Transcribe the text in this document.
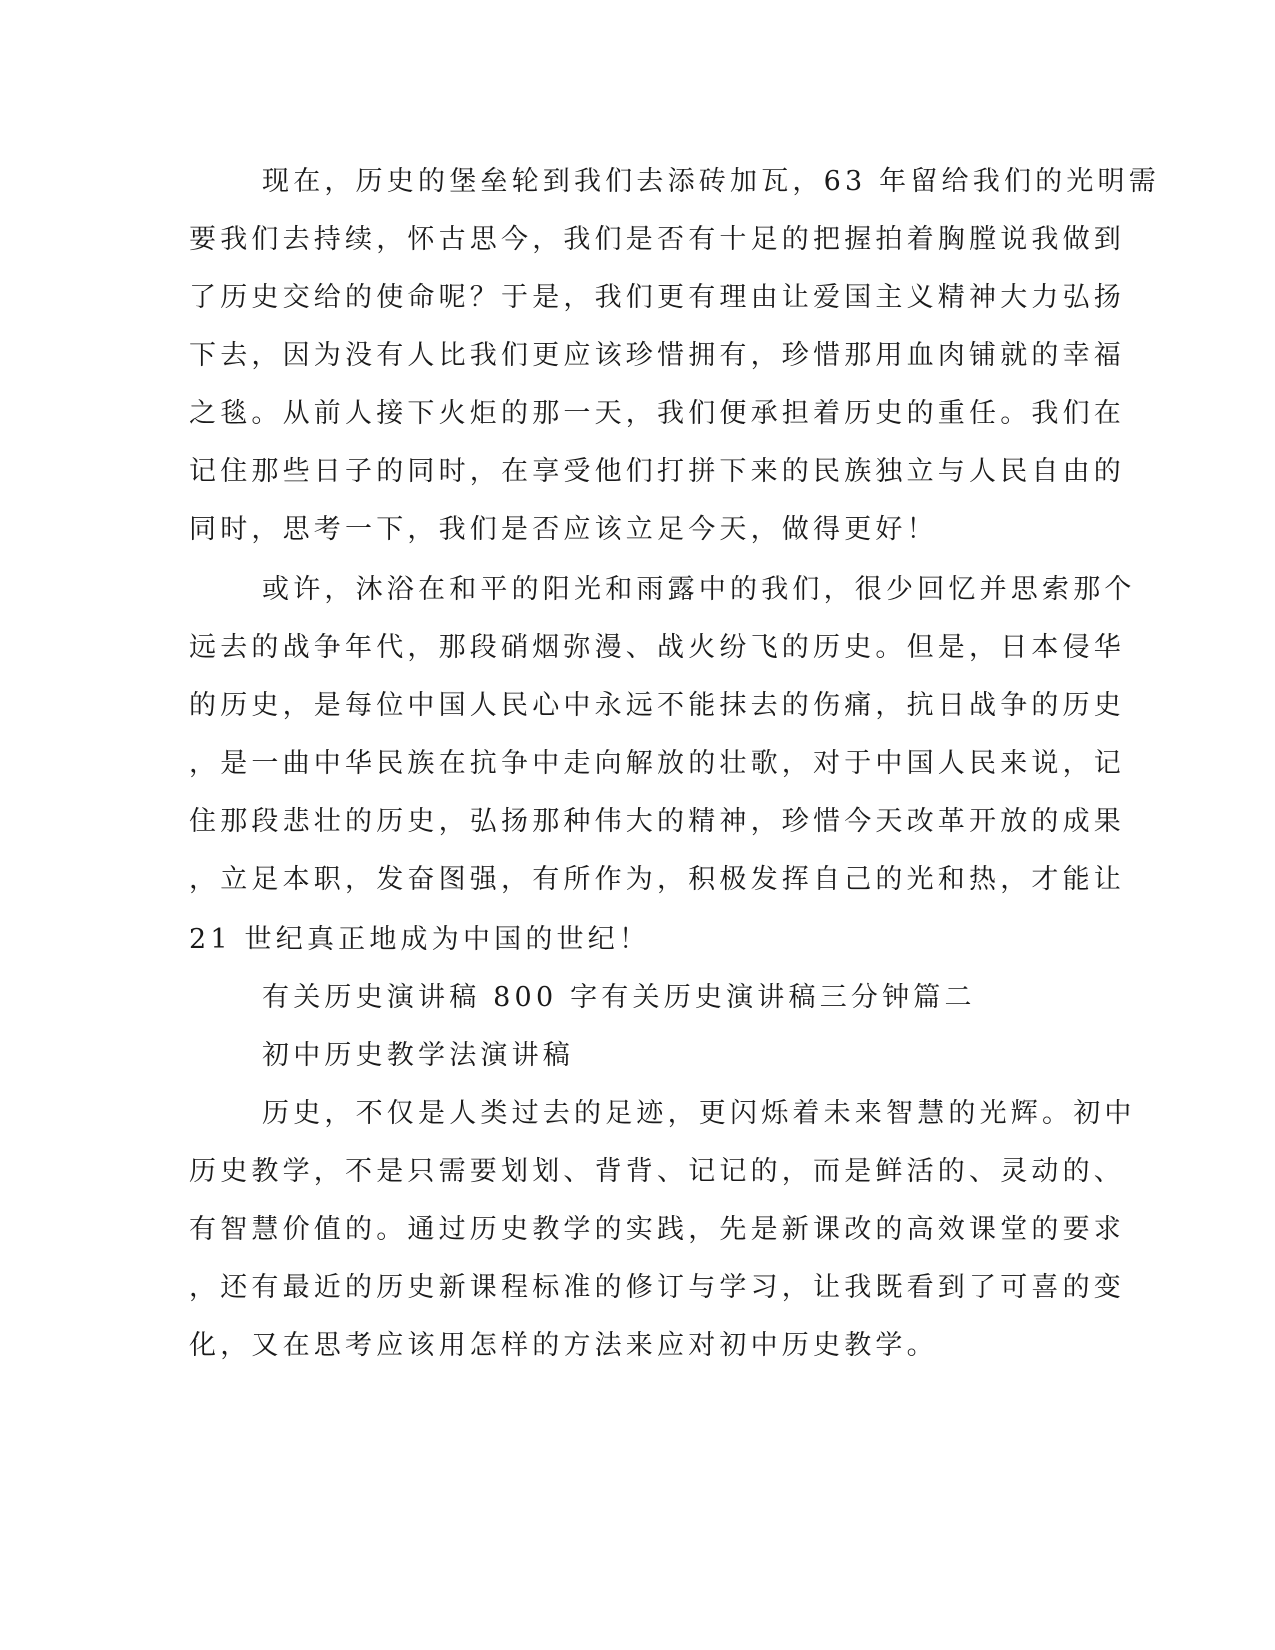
现在，历史的堡垒轮到我们去添砖加瓦，63 年留给我们的光明需
要我们去持续，怀古思今，我们是否有十足的把握拍着胸膛说我做到
了历史交给的使命呢？于是，我们更有理由让爱国主义精神大力弘扬
下去，因为没有人比我们更应该珍惜拥有，珍惜那用血肉铺就的幸福
之毯。从前人接下火炬的那一天，我们便承担着历史的重任。我们在
记住那些日子的同时，在享受他们打拼下来的民族独立与人民自由的
同时，思考一下，我们是否应该立足今天，做得更好！
或许，沐浴在和平的阳光和雨露中的我们，很少回忆并思索那个
远去的战争年代，那段硝烟弥漫、战火纷飞的历史。但是，日本侵华
的历史，是每位中国人民心中永远不能抹去的伤痛，抗日战争的历史
，是一曲中华民族在抗争中走向解放的壮歌，对于中国人民来说，记
住那段悲壮的历史，弘扬那种伟大的精神，珍惜今天改革开放的成果
，立足本职，发奋图强，有所作为，积极发挥自己的光和热，才能让
21 世纪真正地成为中国的世纪！
有关历史演讲稿 800 字有关历史演讲稿三分钟篇二
初中历史教学法演讲稿
历史，不仅是人类过去的足迹，更闪烁着未来智慧的光辉。初中
历史教学，不是只需要划划、背背、记记的，而是鲜活的、灵动的、
有智慧价值的。通过历史教学的实践，先是新课改的高效课堂的要求
，还有最近的历史新课程标准的修订与学习，让我既看到了可喜的变
化，又在思考应该用怎样的方法来应对初中历史教学。
